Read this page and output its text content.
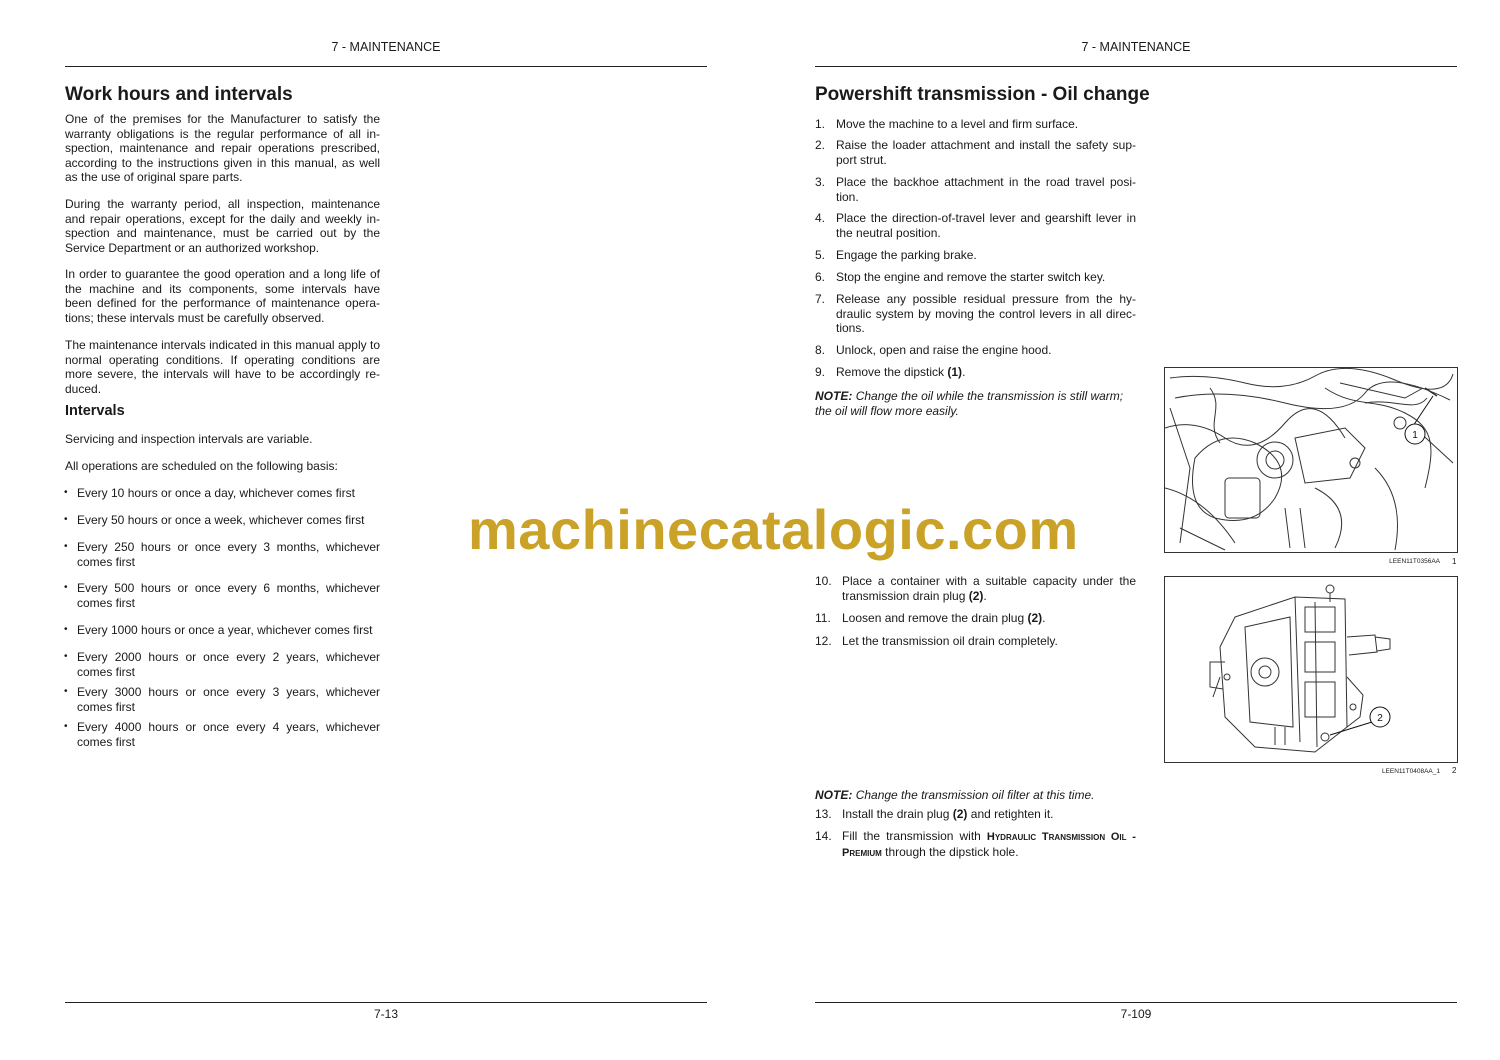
7 - MAINTENANCE
Work hours and intervals

One of the premises for the Manufacturer to satisfy the warranty obligations is the regular performance of all in-spection, maintenance and repair operations prescribed, according to the instructions given in this manual, as well as the use of original spare parts.

During the warranty period, all inspection, maintenance and repair operations, except for the daily and weekly in-spection and maintenance, must be carried out by the Service Department or an authorized workshop.

In order to guarantee the good operation and a long life of the machine and its components, some intervals have been defined for the performance of maintenance opera-tions; these intervals must be carefully observed.

The maintenance intervals indicated in this manual apply to normal operating conditions. If operating conditions are more severe, the intervals will have to be accordingly re-duced.

Intervals

Servicing and inspection intervals are variable.

All operations are scheduled on the following basis:

• Every 10 hours or once a day, whichever comes first
• Every 50 hours or once a week, whichever comes first
• Every 250 hours or once every 3 months, whichever comes first
• Every 500 hours or once every 6 months, whichever comes first
• Every 1000 hours or once a year, whichever comes first
• Every 2000 hours or once every 2 years, whichever comes first
• Every 3000 hours or once every 3 years, whichever comes first
• Every 4000 hours or once every 4 years, whichever comes first
7-13
7 - MAINTENANCE
Powershift transmission - Oil change
1. Move the machine to a level and firm surface.
2. Raise the loader attachment and install the safety sup-port strut.
3. Place the backhoe attachment in the road travel posi-tion.
4. Place the direction-of-travel lever and gearshift lever in the neutral position.
5. Engage the parking brake.
6. Stop the engine and remove the starter switch key.
7. Release any possible residual pressure from the hy-draulic system by moving the control levers in all direc-tions.
8. Unlock, open and raise the engine hood.
9. Remove the dipstick (1).
NOTE: Change the oil while the transmission is still warm; the oil will flow more easily.
1
LEEN11T0356AA 1
10. Place a container with a suitable capacity under the transmission drain plug (2).
11. Loosen and remove the drain plug (2).
12. Let the transmission oil drain completely.
2
LEEN11T0408AA_1 2
NOTE: Change the transmission oil filter at this time.
13. Install the drain plug (2) and retighten it.
14. Fill the transmission with Hydraulic Transmission Oil - Premium through the dipstick hole.
7-109
machinecatalogic.com
